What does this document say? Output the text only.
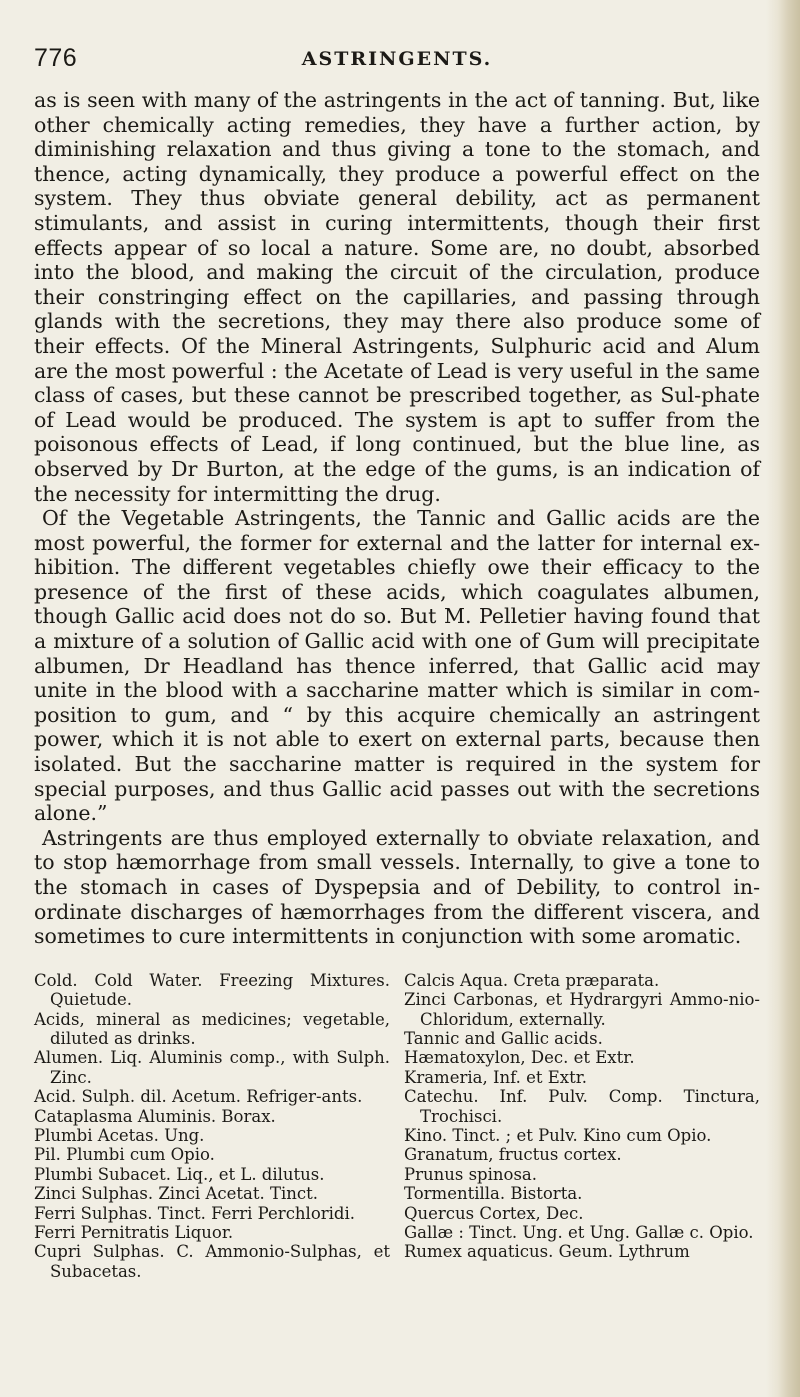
776	ASTRINGENTS.

as is seen with many of the astringents in the act of tanning. But, like other chemically acting remedies, they have a further action, by diminishing relaxation and thus giving a tone to the stomach, and thence, acting dynamically, they produce a powerful effect on the system. They thus obviate general debility, act as permanent stimulants, and assist in curing intermittents, though their first effects appear of so local a nature. Some are, no doubt, absorbed into the blood, and making the circuit of the circulation, produce their constringing effect on the capillaries, and passing through glands with the secretions, they may there also produce some of their effects. Of the Mineral Astringents, Sulphuric acid and Alum are the most powerful : the Acetate of Lead is very useful in the same class of cases, but these cannot be prescribed together, as Sul-phate of Lead would be produced. The system is apt to suffer from the poisonous effects of Lead, if long continued, but the blue line, as observed by Dr Burton, at the edge of the gums, is an indication of the necessity for intermitting the drug.

Of the Vegetable Astringents, the Tannic and Gallic acids are the most powerful, the former for external and the latter for internal ex-hibition. The different vegetables chiefly owe their efficacy to the presence of the first of these acids, which coagulates albumen, though Gallic acid does not do so. But M. Pelletier having found that a mixture of a solution of Gallic acid with one of Gum will precipitate albumen, Dr Headland has thence inferred, that Gallic acid may unite in the blood with a saccharine matter which is similar in com-position to gum, and “ by this acquire chemically an astringent power, which it is not able to exert on external parts, because then isolated. But the saccharine matter is required in the system for special purposes, and thus Gallic acid passes out with the secretions alone.”

Astringents are thus employed externally to obviate relaxation, and to stop hæmorrhage from small vessels. Internally, to give a tone to the stomach in cases of Dyspepsia and of Debility, to control in-ordinate discharges of hæmorrhages from the different viscera, and sometimes to cure intermittents in conjunction with some aromatic.

Cold. Cold Water. Freezing Mixtures. Quietude.

Acids, mineral as medicines; vegetable, diluted as drinks.

Alumen. Liq. Aluminis comp., with Sulph. Zinc.

Acid. Sulph. dil. Acetum. Refriger-ants.

Cataplasma Aluminis. Borax.

Plumbi Acetas. Ung.

Pil. Plumbi cum Opio.

Plumbi Subacet. Liq., et L. dilutus.

Zinci Sulphas. Zinci Acetat. Tinct.

Ferri Sulphas. Tinct. Ferri Perchloridi.

Ferri Pernitratis Liquor.

Cupri Sulphas. C. Ammonio-Sulphas, et Subacetas.

Calcis Aqua. Creta præparata.

Zinci Carbonas, et Hydrargyri Ammo-nio-Chloridum, externally.

Tannic and Gallic acids.

Hæmatoxylon, Dec. et Extr.

Krameria, Inf. et Extr.

Catechu. Inf. Pulv. Comp. Tinctura, Trochisci.

Kino. Tinct. ; et Pulv. Kino cum Opio.

Granatum, fructus cortex.

Prunus spinosa.

Tormentilla. Bistorta.

Quercus Cortex, Dec.

Gallæ : Tinct. Ung. et Ung. Gallæ c. Opio.

Rumex aquaticus. Geum. Lythrum
